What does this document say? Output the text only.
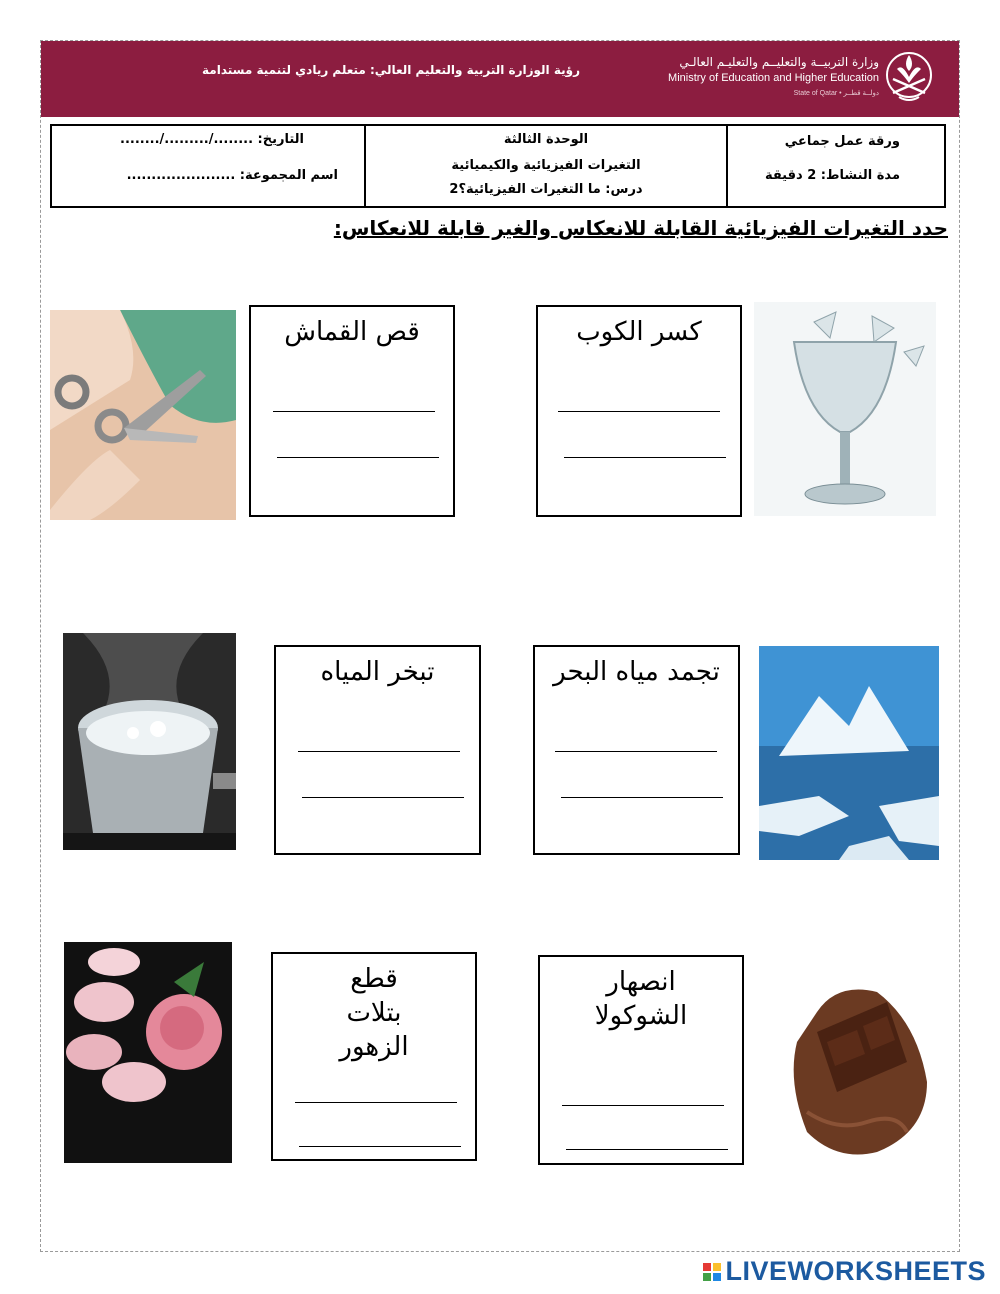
رؤية الوزارة التربية والتعليم العالي: متعلم ريادي لتنمية مستدامة
وزارة التربيــة والتعليــم والتعليـم العالـي
Ministry of Education and Higher Education
State of Qatar • دولــة قطــر
ورقة عمل جماعي
مدة النشاط: 2 دقيقة
الوحدة الثالثة
التغيرات الفيزيائية والكيميائية
درس: ما التغيرات الفيزيائية؟2
التاريخ: ......../........./........
اسم المجموعة: ......................
حدد التغيرات الفيزيائية القابلة للانعكاس والغير قابلة للانعكاس:
قص القماش	كسر الكوب
تبخر المياه	تجمد مياه البحر
قطع بتلات الزهور
انصهار الشوكولا
LIVEWORKSHEETS
